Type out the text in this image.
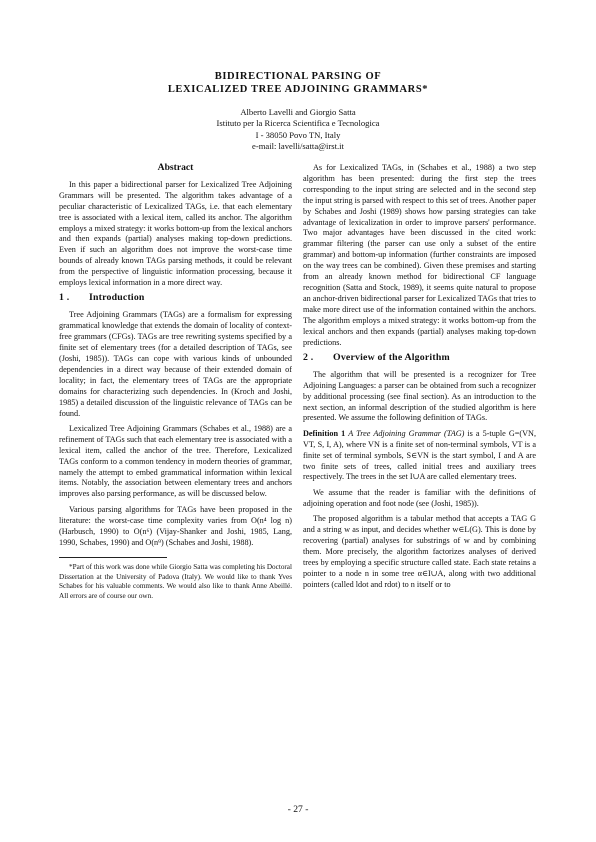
BIDIRECTIONAL PARSING OF
LEXICALIZED TREE ADJOINING GRAMMARS*
Alberto Lavelli and Giorgio Satta
Istituto per la Ricerca Scientifica e Tecnologica
I - 38050 Povo TN, Italy
e-mail: lavelli/satta@irst.it
Abstract

In this paper a bidirectional parser for Lexicalized Tree Adjoining Grammars will be presented. The algorithm takes advantage of a peculiar characteristic of Lexicalized TAGs, i.e. that each elementary tree is associated with a lexical item, called its anchor. The algorithm employs a mixed strategy: it works bottom-up from the lexical anchors and then expands (partial) analyses making top-down predictions. Even if such an algorithm does not improve the worst-case time bounds of already known TAGs parsing methods, it could be relevant from the perspective of linguistic information processing, because it employs lexical information in a more direct way.

1 . Introduction

Tree Adjoining Grammars (TAGs) are a formalism for expressing grammatical knowledge that extends the domain of locality of context-free grammars (CFGs). TAGs are tree rewriting systems specified by a finite set of elementary trees (for a detailed description of TAGs, see (Joshi, 1985)). TAGs can cope with various kinds of unbounded dependencies in a direct way because of their extended domain of locality; in fact, the elementary trees of TAGs are the appropriate domains for characterizing such dependencies. In (Kroch and Joshi, 1985) a detailed discussion of the linguistic relevance of TAGs can be found.

Lexicalized Tree Adjoining Grammars (Schabes et al., 1988) are a refinement of TAGs such that each elementary tree is associated with a lexical item, called the anchor of the tree. Therefore, Lexicalized TAGs conform to a common tendency in modern theories of grammar, namely the attempt to embed grammatical information within lexical items. Notably, the association between elementary trees and anchors improves also parsing performance, as will be discussed below.

Various parsing algorithms for TAGs have been proposed in the literature: the worst-case time complexity varies from O(n⁴ log n) (Harbusch, 1990) to O(n⁶) (Vijay-Shanker and Joshi, 1985, Lang, 1990, Schabes, 1990) and O(n⁹) (Schabes and Joshi, 1988).

*Part of this work was done while Giorgio Satta was completing his Doctoral Dissertation at the University of Padova (Italy). We would like to thank Yves Schabes for his valuable comments. We would also like to thank Anne Abeillé. All errors are of course our own.

As for Lexicalized TAGs, in (Schabes et al., 1988) a two step algorithm has been presented: during the first step the trees corresponding to the input string are selected and in the second step the input string is parsed with respect to this set of trees. Another paper by Schabes and Joshi (1989) shows how parsing strategies can take advantage of lexicalization in order to improve parsers' performance. Two major advantages have been discussed in the cited work: grammar filtering (the parser can use only a subset of the entire grammar) and bottom-up information (further constraints are imposed on the way trees can be combined). Given these premises and starting from an already known method for bidirectional CF language recognition (Satta and Stock, 1989), it seems quite natural to propose an anchor-driven bidirectional parser for Lexicalized TAGs that tries to make more direct use of the information contained within the anchors. The algorithm employs a mixed strategy: it works bottom-up from the lexical anchors and then expands (partial) analyses making top-down predictions.

2 . Overview of the Algorithm

The algorithm that will be presented is a recognizer for Tree Adjoining Languages: a parser can be obtained from such a recognizer by additional processing (see final section). As an introduction to the next section, an informal description of the studied algorithm is here presented. We assume the following definition of TAGs.

Definition 1 A Tree Adjoining Grammar (TAG) is a 5-tuple G=(VN, VT, S, I, A), where VN is a finite set of non-terminal symbols, VT is a finite set of terminal symbols, S∈VN is the start symbol, I and A are two finite sets of trees, called initial trees and auxiliary trees respectively. The trees in the set I∪A are called elementary trees.

We assume that the reader is familiar with the definitions of adjoining operation and foot node (see (Joshi, 1985)).

The proposed algorithm is a tabular method that accepts a TAG G and a string w as input, and decides whether w∈L(G). This is done by recovering (partial) analyses for substrings of w and by combining them. More precisely, the algorithm factorizes analyses of derived trees by employing a specific structure called state. Each state retains a pointer to a node n in some tree α∈I∪A, along with two additional pointers (called ldot and rdot) to n itself or to

- 27 -
